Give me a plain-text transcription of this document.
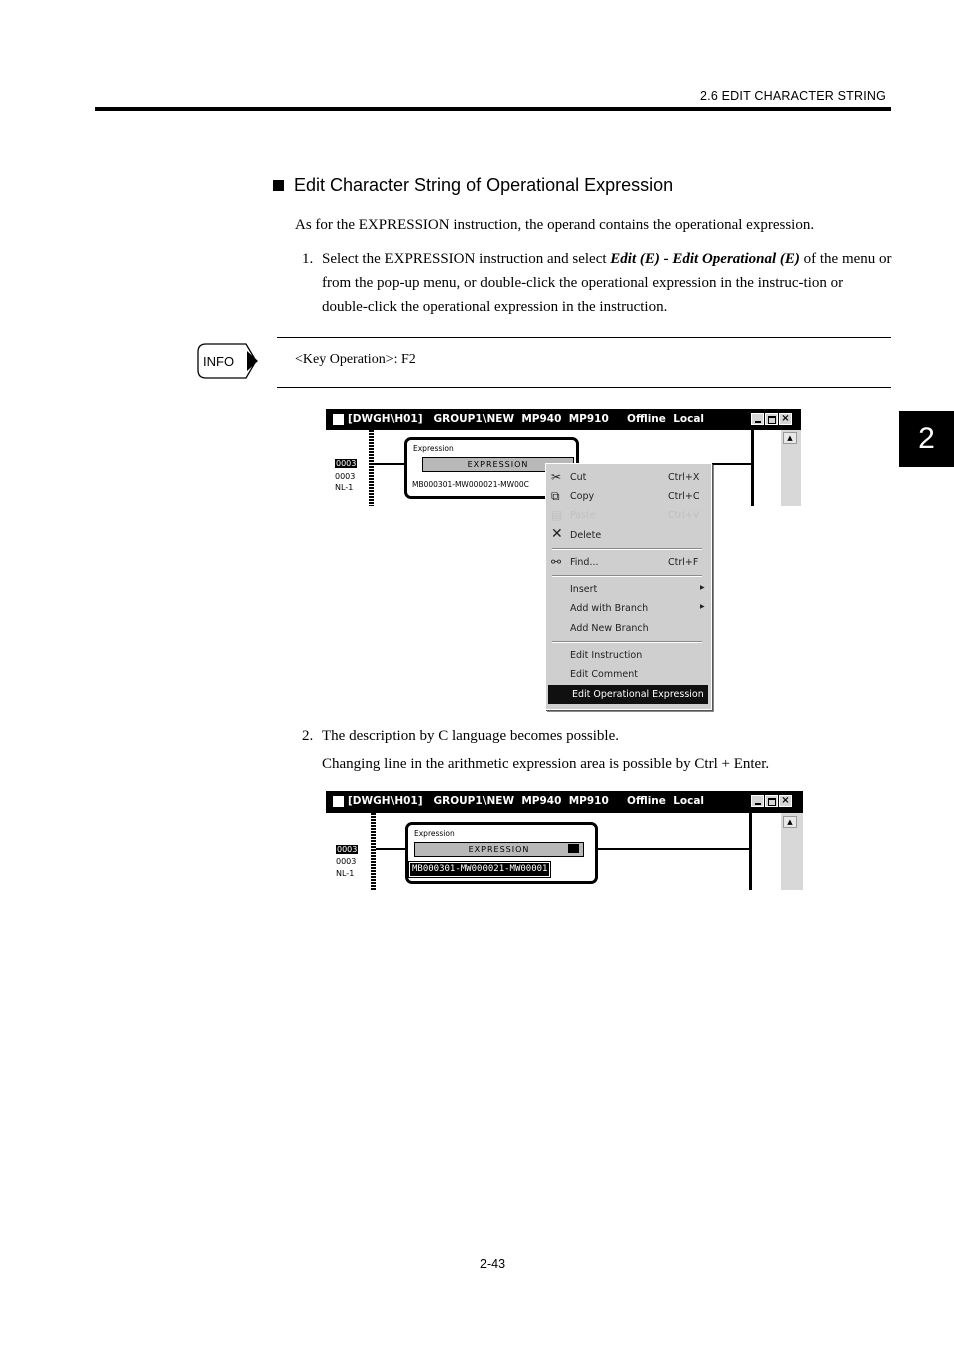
2.6 EDIT CHARACTER STRING
2
Edit Character String of Operational Expression
As for the EXPRESSION instruction, the operand contains the operational expression.
1. Select the EXPRESSION instruction and select Edit (E) - Edit Operational (E) of the menu or from the pop-up menu, or double-click the operational expression in the instruc-tion or double-click the operational expression in the instruction.
INFO	<Key Operation>: F2
[DWGH\H01]   GROUP1\NEW  MP940  MP910     Offline  Local	×
▲
0003
0003
NL-1
Expression
EXPRESSION
MB000301-MW000021-MW00C
✂ Cut	Ctrl+X
⧉	Copy	Ctrl+C
▤ Paste	Ctrl+V
✕ Delete
⚯ Find...	Ctrl+F
Insert	▶
Add with Branch	▶
Add New Branch
Edit Instruction
Edit Comment
Edit Operational Expression
2. The description by C language becomes possible.
Changing line in the arithmetic expression area is possible by Ctrl + Enter.
[DWGH\H01]   GROUP1\NEW  MP940  MP910     Offline  Local	×
▲
0003
0003
NL-1
Expression
EXPRESSION
MB000301-MW000021-MW00001
2-43
